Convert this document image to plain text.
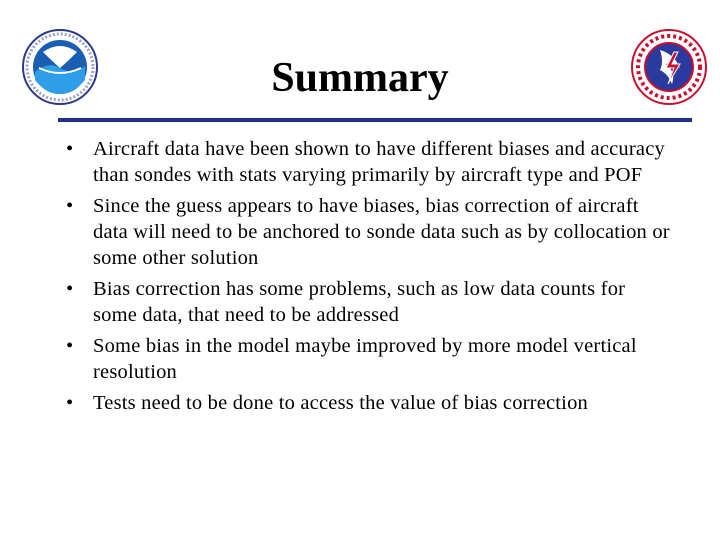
Summary
• Aircraft data have been shown to have different biases and accuracy than sondes with stats varying primarily by aircraft type and POF
• Since the guess appears to have biases, bias correction of aircraft data will need to be anchored to sonde data such as by collocation or some other solution
• Bias correction has some problems, such as low data counts for some data, that need to be addressed
• Some bias in the model maybe improved by more model vertical resolution
• Tests need to be done to access the value of bias correction
